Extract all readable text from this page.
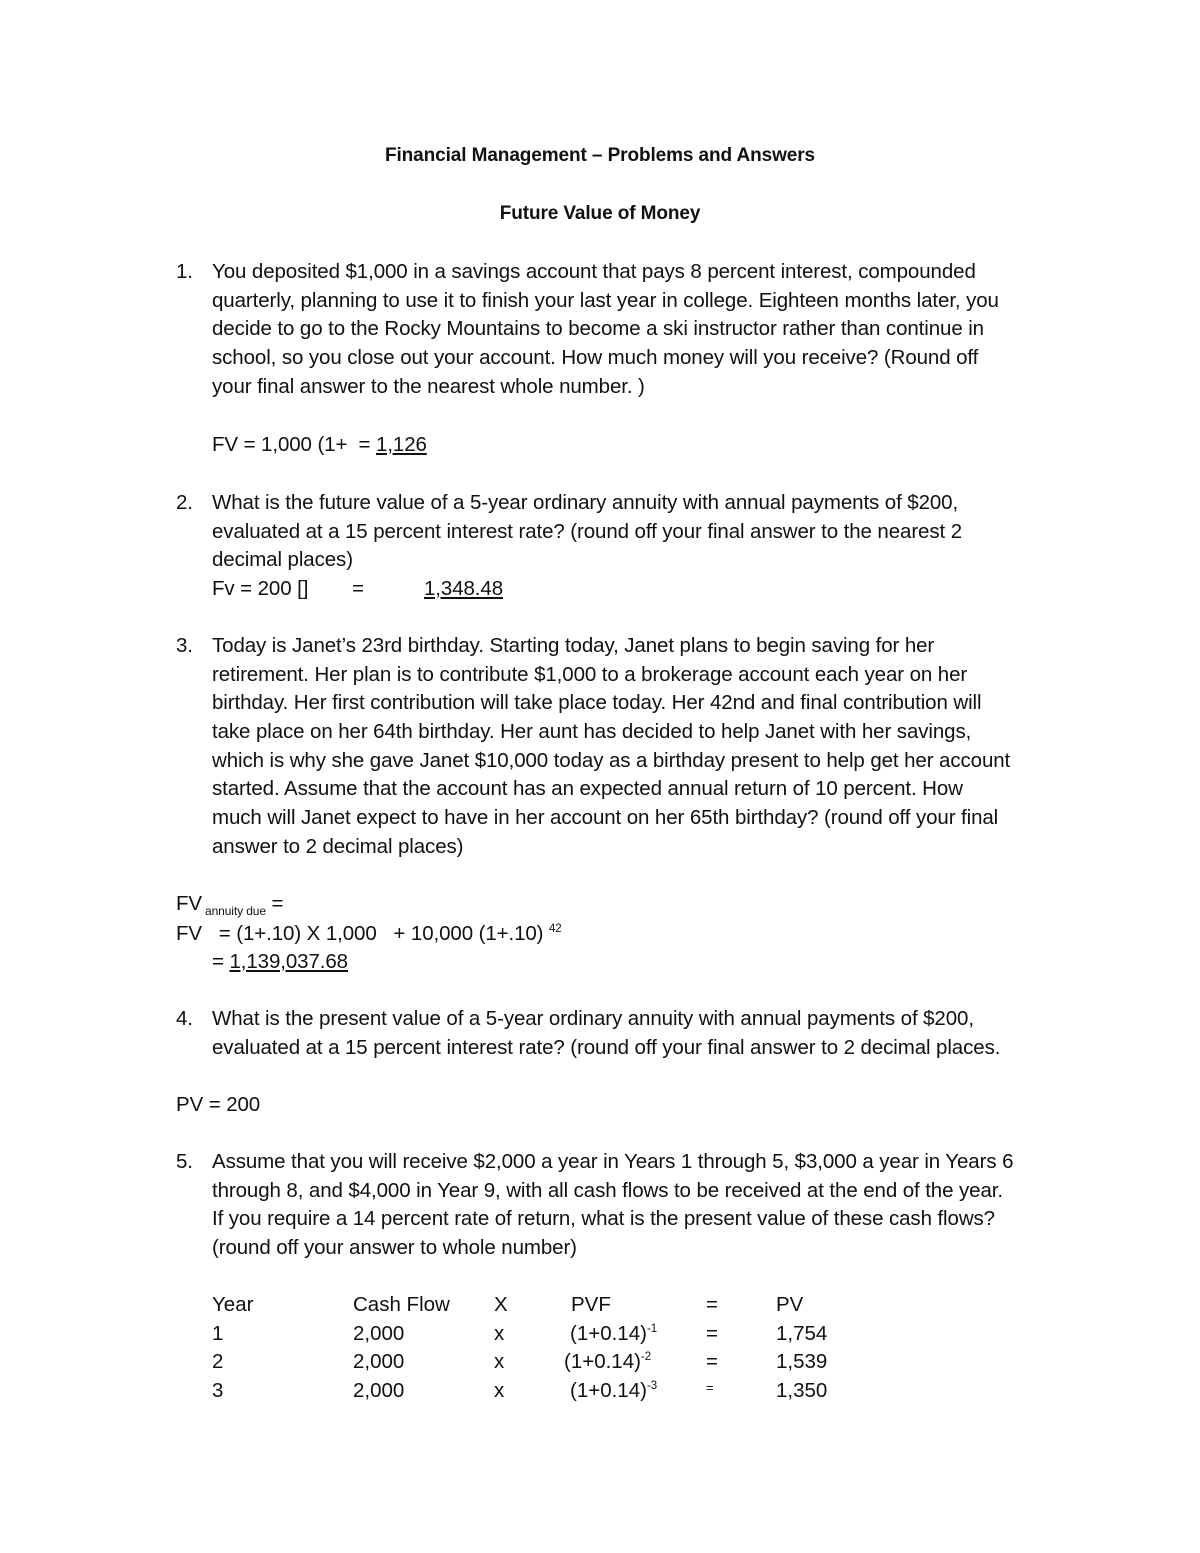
Financial Management – Problems and Answers
Future Value of Money
1. You deposited $1,000 in a savings account that pays 8 percent interest, compounded
quarterly, planning to use it to finish your last year in college. Eighteen months later, you
decide to go to the Rocky Mountains to become a ski instructor rather than continue in
school, so you close out your account. How much money will you receive? (Round off
your final answer to the nearest whole number. )
FV = 1,000 (1+  = 1,126
2. What is the future value of a 5-year ordinary annuity with annual payments of $200,
evaluated at a 15 percent interest rate? (round off your final answer to the nearest 2
decimal places)
Fv = 200 [] =	1,348.48
3. Today is Janet’s 23rd birthday. Starting today, Janet plans to begin saving for her
retirement. Her plan is to contribute $1,000 to a brokerage account each year on her
birthday. Her first contribution will take place today. Her 42nd and final contribution will
take place on her 64th birthday. Her aunt has decided to help Janet with her savings,
which is why she gave Janet $10,000 today as a birthday present to help get her account
started. Assume that the account has an expected annual return of 10 percent. How
much will Janet expect to have in her account on her 65th birthday? (round off your final
answer to 2 decimal places)
FV $_{annuity due}$ =
FV   = (1+.10) X 1,000   + 10,000 (1+.10) $^{42}$
= 1,139,037.68
4. What is the present value of a 5-year ordinary annuity with annual payments of $200,
evaluated at a 15 percent interest rate? (round off your final answer to 2 decimal places.
PV = 200
5. Assume that you will receive $2,000 a year in Years 1 through 5, $3,000 a year in Years 6
through 8, and $4,000 in Year 9, with all cash flows to be received at the end of the year.
If you require a 14 percent rate of return, what is the present value of these cash flows?
(round off your answer to whole number)
Year	Cash Flow X	PVF	=	PV
1	2,000	x	$(1+0.14)^{-1}$ =	1,754
2	2,000	x	$(1+0.14)^{-2}$	=	1,539
3	2,000	x	$(1+0.14)^{-3}$	=	1,350
